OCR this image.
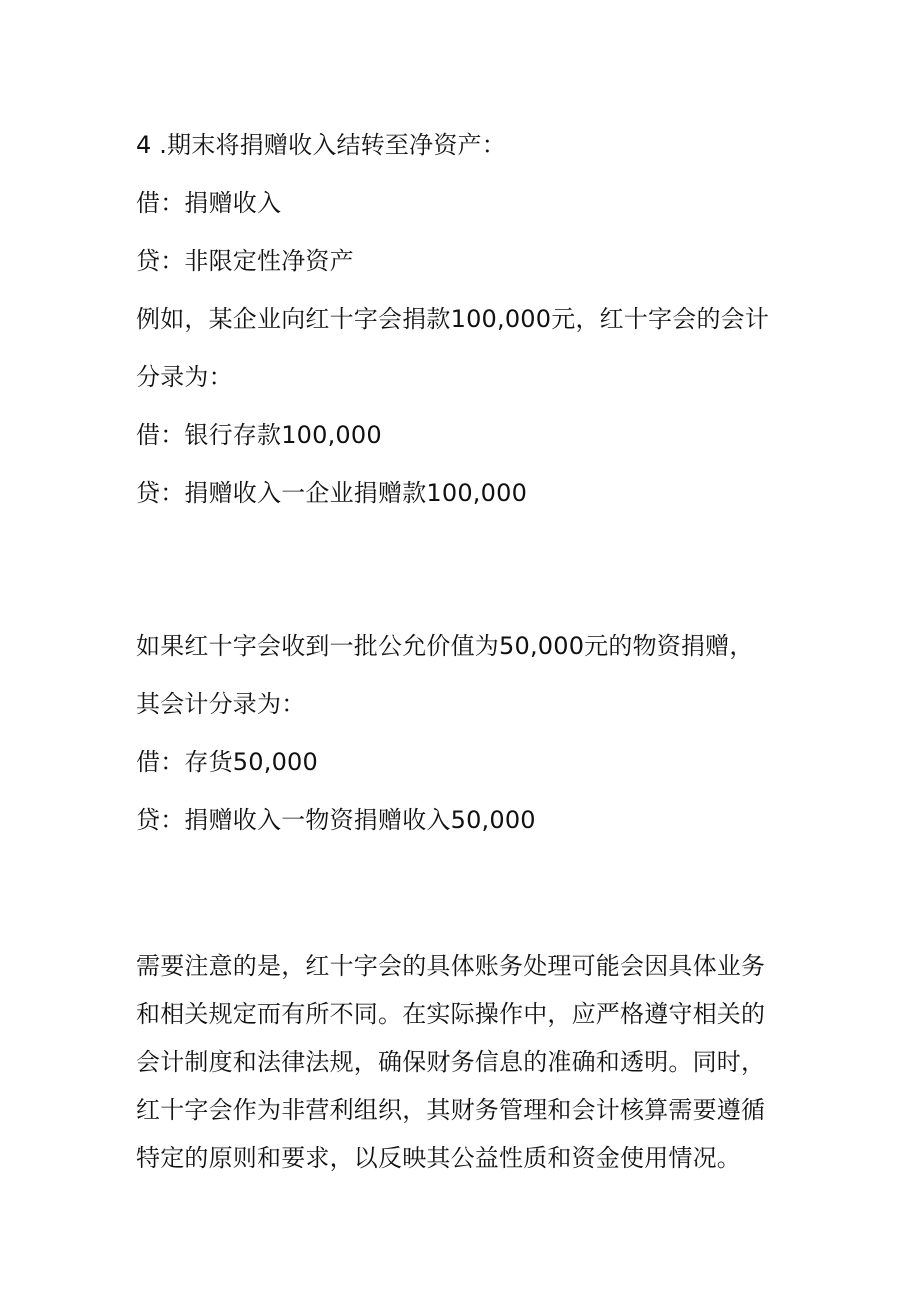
4 .期末将捐赠收入结转至净资产：

借：捐赠收入

贷：非限定性净资产

例如，某企业向红十字会捐款100,000元，红十字会的会计

分录为：

借：银行存款100,000

贷：捐赠收入一企业捐赠款100,000

如果红十字会收到一批公允价值为50,000元的物资捐赠，

其会计分录为：

借：存货50,000

贷：捐赠收入一物资捐赠收入50,000

需要注意的是，红十字会的具体账务处理可能会因具体业务

和相关规定而有所不同。在实际操作中，应严格遵守相关的

会计制度和法律法规，确保财务信息的准确和透明。同时，

红十字会作为非营利组织，其财务管理和会计核算需要遵循

特定的原则和要求，以反映其公益性质和资金使用情况。
